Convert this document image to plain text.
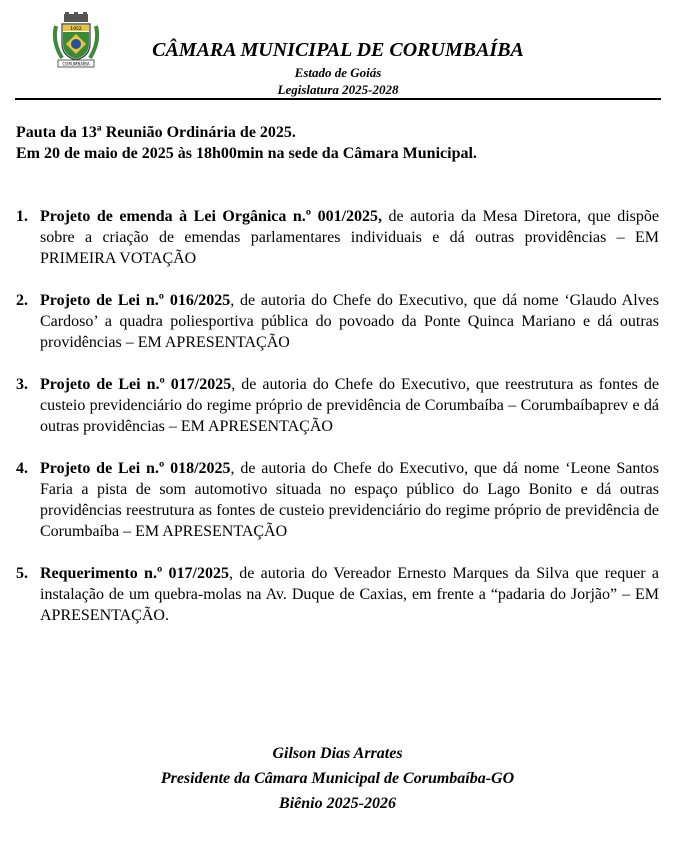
1952
CORUMBAÍBA
CÂMARA MUNICIPAL DE CORUMBAÍBA
Estado de Goiás
Legislatura 2025-2028
Pauta da 13ª Reunião Ordinária de 2025.
Em 20 de maio de 2025 às 18h00min na sede da Câmara Municipal.
1. Projeto de emenda à Lei Orgânica n.º 001/2025, de autoria da Mesa Diretora, que dispõe sobre a criação de emendas parlamentares individuais e dá outras providências – EM PRIMEIRA VOTAÇÃO
2. Projeto de Lei n.º 016/2025, de autoria do Chefe do Executivo, que dá nome ‘Glaudo Alves Cardoso’ a quadra poliesportiva pública do povoado da Ponte Quinca Mariano e dá outras providências – EM APRESENTAÇÃO
3. Projeto de Lei n.º 017/2025, de autoria do Chefe do Executivo, que reestrutura as fontes de custeio previdenciário do regime próprio de previdência de Corumbaíba – Corumbaíbaprev e dá outras providências – EM APRESENTAÇÃO
4. Projeto de Lei n.º 018/2025, de autoria do Chefe do Executivo, que dá nome ‘Leone Santos Faria a pista de som automotivo situada no espaço público do Lago Bonito e dá outras providências reestrutura as fontes de custeio previdenciário do regime próprio de previdência de Corumbaíba – EM APRESENTAÇÃO
5. Requerimento n.º 017/2025, de autoria do Vereador Ernesto Marques da Silva que requer a instalação de um quebra-molas na Av. Duque de Caxias, em frente a “padaria do Jorjão” – EM APRESENTAÇÃO.
Gilson Dias Arrates
Presidente da Câmara Municipal de Corumbaíba-GO
Biênio 2025-2026
